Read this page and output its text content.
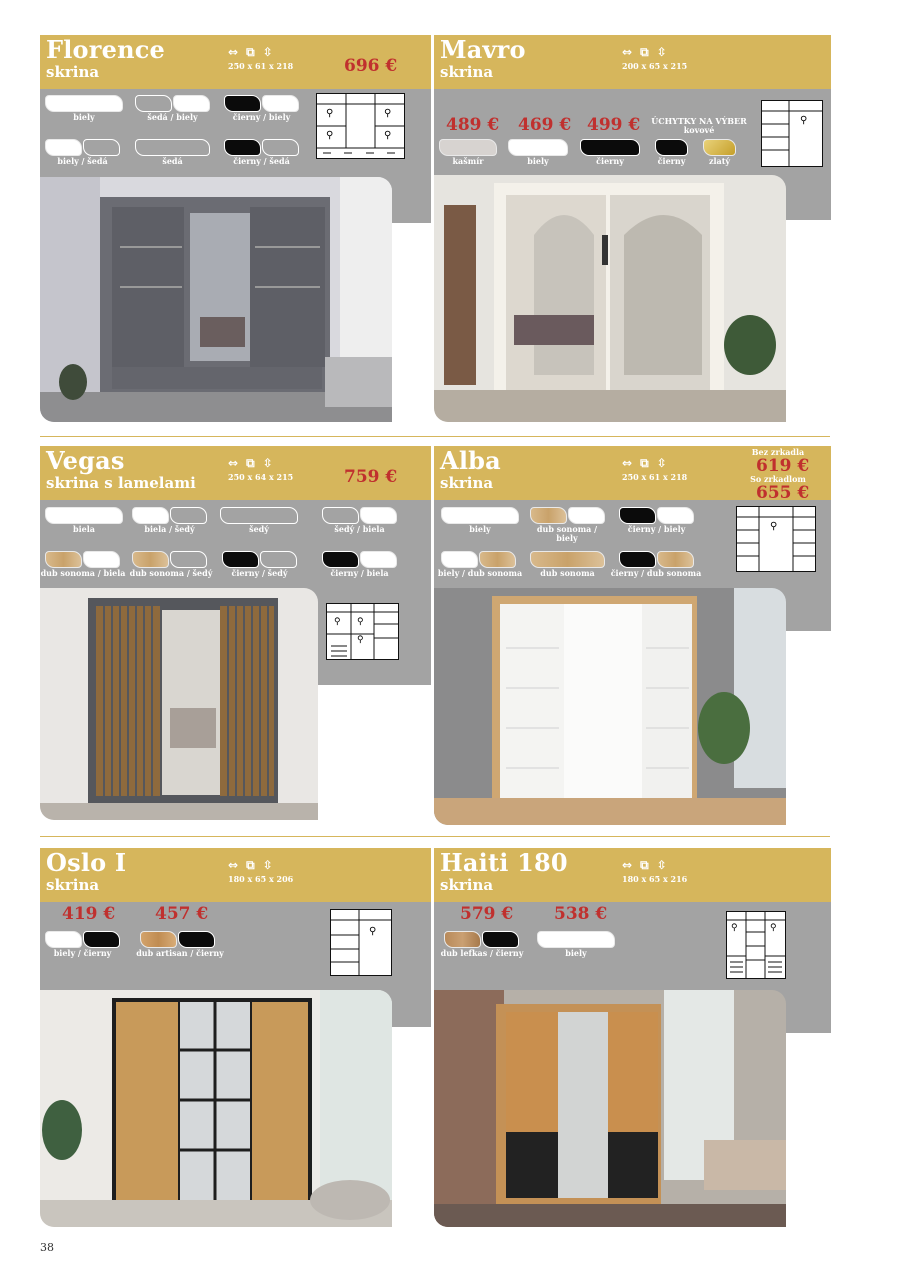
Florence
skrina
⇔ ⧉ ⇳
250 x 61 x 218	696 €
biely	šedá / biely	čierny / biely
biely / šedá	šedá	čierny / šedá
⚲	⚲
⚲	⚲
Mavro
skrina
⇔ ⧉ ⇳
200 x 65 x 215
489 € 469 € 499 €	ÚCHYTKY NA VÝBER kovové
kašmír	biely	čierny	čierny	zlatý
⚲
Vegas
skrina s lamelami
⇔ ⧉ ⇳
250 x 64 x 215	759 €
biela	biela / šedý	šedý	šedý / biela
dub sonoma / biela dub sonoma / šedý	čierny / šedý	čierny / biela
⚲ ⚲
⚲
Alba
skrina
⇔ ⧉ ⇳
250 x 61 x 218
Bez zrkadla
619 €
So zrkadlom
655 €
biely	dub sonoma / biely
čierny / biely
biely / dub sonoma	dub sonoma	čierny / dub sonoma
⚲
Oslo I
skrina
⇔ ⧉ ⇳
180 x 65 x 206
419 € 457 €
biely / čierny	dub artisan / čierny
⚲
Haiti 180
skrina
⇔ ⧉ ⇳
180 x 65 x 216
579 € 538 €
dub lefkas / čierny	biely
⚲	⚲
38
